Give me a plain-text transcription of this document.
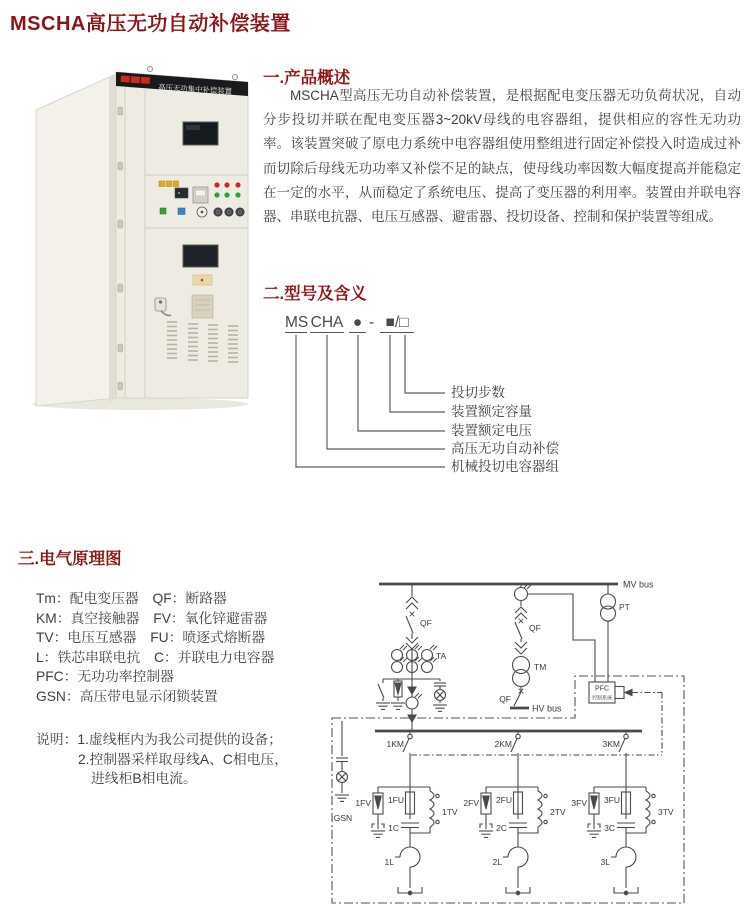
MSCHA高压无功自动补偿装置
高压无功集中补偿装置
一.产品概述

MSCHA型高压无功自动补偿装置，是根据配电变压器无功负荷状况，自动分步投切并联在配电变压器3~20kV母线的电容器组，提供相应的容性无功功率。该装置突破了原电力系统中电容器组使用整组进行固定补偿投入时造成过补而切除后母线无功功率又补偿不足的缺点，使母线功率因数大幅度提高并能稳定在一定的水平，从而稳定了系统电压、提高了变压器的利用率。装置由并联电容器、串联电抗器、电压互感器、避雷器、投切设备、控制和保护装置等组成。

二.型号及含义
MS CHA ● - ■/□
投切步数
装置额定容量
装置额定电压
高压无功自动补偿
机械投切电容器组
三.电气原理图
Tm：配电变压器　QF：断路器
KM：真空接触器　FV：氧化锌避雷器
TV：电压互感器　FU：喷逐式熔断器
L：铁芯串联电抗　C：并联电力电容器
PFC：无功功率控制器
GSN：高压带电显示闭锁装置
说明：1.虚线框内为我公司提供的设备；
2.控制器采样取母线A、C相电压，
进线柜B相电流。
MV bus
QF
TA
QF
TM
QF
HV bus
PT
PFC
控制系统
GSN
1KM	2KM	3KM
1FV	2FV	3FV
1FU	2FU	3FU
1TV	2TV	3TV
1C	2C	3C
1L	2L	3L
